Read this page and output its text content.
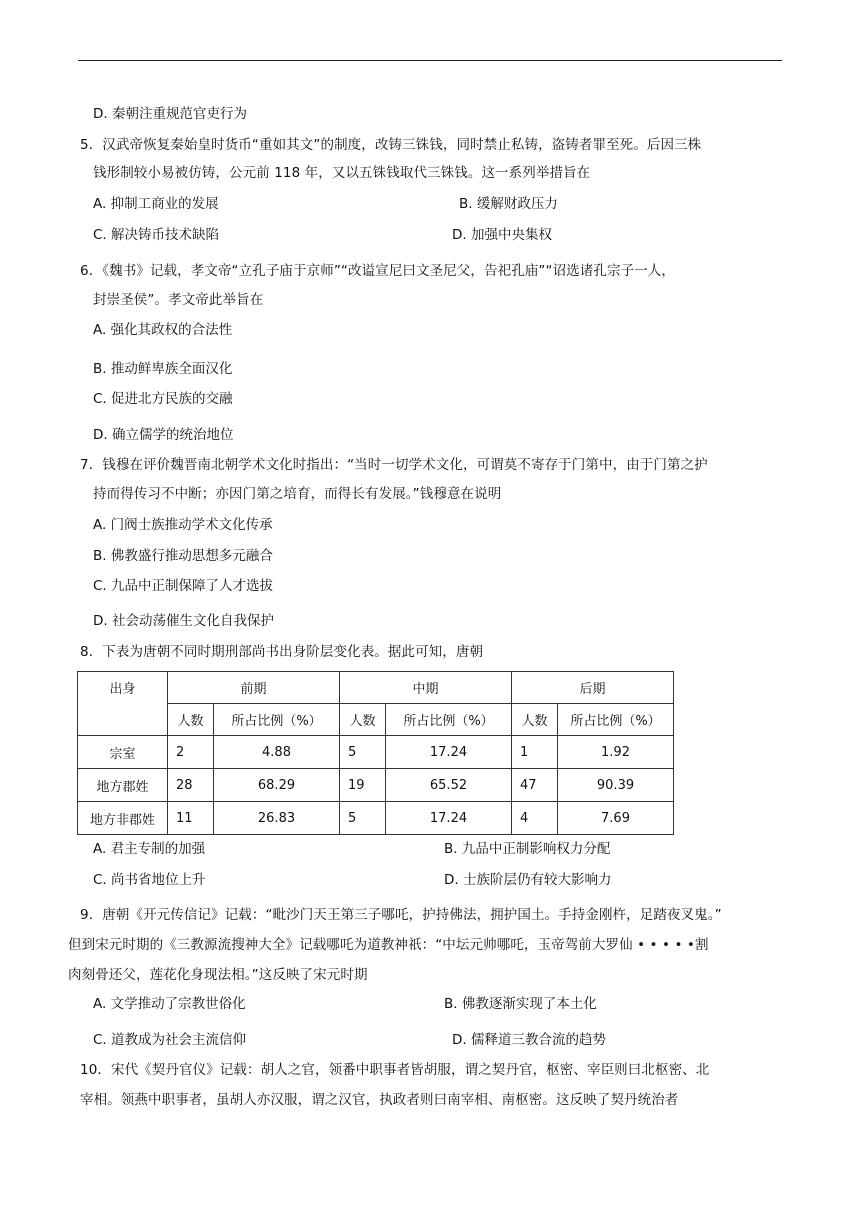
D. 秦朝注重规范官吏行为
5．汉武帝恢复秦始皇时货币“重如其文”的制度，改铸三铢钱，同时禁止私铸，盗铸者罪至死。后因三株
钱形制较小易被仿铸，公元前 118 年，又以五铢钱取代三铢钱。这一系列举措旨在
A. 抑制工商业的发展	B. 缓解财政压力
C. 解决铸币技术缺陷	D. 加强中央集权
6．《魏书》记载，孝文帝“立孔子庙于京师”“改谥宣尼曰文圣尼父，告祀孔庙”“诏选诸孔宗子一人，
封崇圣侯”。孝文帝此举旨在
A. 强化其政权的合法性
B. 推动鲜卑族全面汉化
C. 促进北方民族的交融
D. 确立儒学的统治地位
7．钱穆在评价魏晋南北朝学术文化时指出：“当时一切学术文化，可谓莫不寄存于门第中，由于门第之护
持而得传习不中断；亦因门第之培育，而得长有发展。”钱穆意在说明
A. 门阀士族推动学术文化传承
B. 佛教盛行推动思想多元融合
C. 九品中正制保障了人才选拔
D. 社会动荡催生文化自我保护
8．下表为唐朝不同时期刑部尚书出身阶层变化表。据此可知，唐朝
出身	前期		中期		后期	
	人数	所占比例（%）	人数	所占比例（%）	人数	所占比例（%）
宗室	2	4.88	5	17.24	1	1.92
地方郡姓	28	68.29	19	65.52	47	90.39
地方非郡姓	11	26.83	5	17.24	4	7.69
A. 君主专制的加强	B. 九品中正制影响权力分配
C. 尚书省地位上升	D. 士族阶层仍有较大影响力
9．唐朝《开元传信记》记载：“毗沙门天王第三子哪吒，护持佛法，拥护国土。手持金刚杵，足踏夜叉鬼。”
但到宋元时期的《三教源流搜神大全》记载哪吒为道教神祇：“中坛元帅哪吒，玉帝驾前大罗仙 • • • • •割
肉刻骨还父，莲花化身现法相。”这反映了宋元时期
A. 文学推动了宗教世俗化	B. 佛教逐渐实现了本土化
C. 道教成为社会主流信仰	D. 儒释道三教合流的趋势
10．宋代《契丹官仪》记载：胡人之官，领番中职事者皆胡服，谓之契丹官，枢密、宰臣则曰北枢密、北
宰相。领燕中职事者，虽胡人亦汉服，谓之汉官，执政者则曰南宰相、南枢密。这反映了契丹统治者
